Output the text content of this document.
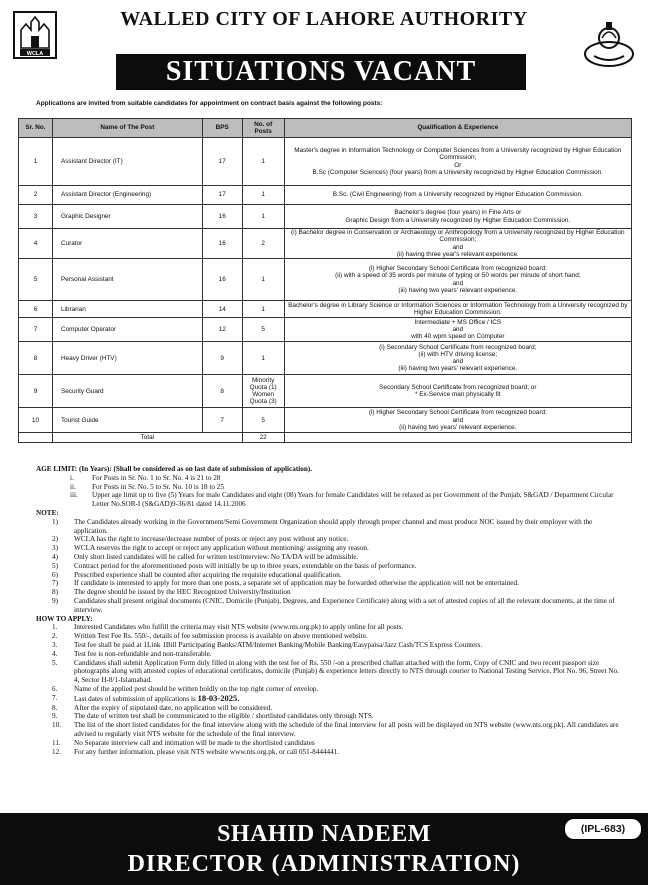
WCLA
WALLED CITY OF LAHORE AUTHORITY
SITUATIONS VACANT
Applications are invited from suitable candidates for appointment on contract basis against the following posts:
Sr. No.	Name of The Post	BPS	No. of Posts	Qualification & Experience
1	Assistant Director (IT)	17	1	Master's degree in Information Technology or Computer Sciences from a University recognized by Higher Education Commission;
Or
B.Sc (Computer Sciences) (four years) from a University recognized by Higher Education Commission.
2	Assistant Director (Engineering)	17	1	B.Sc. (Civil Engineering) from a University recognized by Higher Education Commission.
3	Graphic Designer	16	1	Bachelor's degree (four years) in Fine Arts or
Graphic Design from a University recognized by Higher Education Commission.
4	Curator	16	2	(i) Bachelor degree in Conservation or Archaeology or Anthropology from a University recognized by Higher Education Commission;
and
(ii) having three year's relevant experience.
5	Personal Assistant	16	1	(i) Higher Secondary School Certificate from recognized board;
(ii) with a speed of 35 words per minute of typing or 50 words per minute of short hand;
and
(iii) having two years' relevant experience.
6	Librarian	14	1	Bachelor's degree in Library Science or Information Sciences or Information Technology from a University recognized by Higher Education Commission.
7	Computer Operator	12	5	Intermediate + MS Office / ICS
and
with 40 wpm speed on Computer
8	Heavy Driver (HTV)	9	1	(i) Secondary School Certificate from recognized board;
(ii) with HTV driving license;
and
(iii) having two years' relevant experience.
9	Security Guard	8	Minority Quota (1)
Women Quota (3)	Secondary School Certificate from recognized board; or
* Ex-Service man physically fit
10	Tourist Guide	7	5	(i) Higher Secondary School Certificate from recognized board;
and
(ii) having two years' relevant experience.
	Total		22	
AGE LIMIT: (In Years): (Shall be considered as on last date of submission of application).
i.	For Posts in Sr. No. 1 to Sr. No. 4 is 21 to 28
ii.	For Posts in Sr. No. 5 to Sr. No. 10 is 18 to 25
iii.	Upper age limit up to five (5) Years for male Candidates and eight (08) Years for female Candidates will be relaxed as per Government of the Punjab, S&GAD / Department Circular Letter No.SOR-I (S&GAD)9-36/81 dated 14.11.2006
NOTE:
1)	The Candidates already working in the Government/Semi Government Organization should apply through proper channel and must produce NOC issued by their employer with the application.
2)	WCLA has the right to increase/decrease number of posts or reject any post without any notice.
3)	WCLA reserves the right to accept or reject any application without mentioning/ assigning any reason.
4)	Only short listed candidates will be called for written test/interview. No TA/DA will be admissible.
5)	Contract period for the aforementioned posts will initially be up to three years, extendable on the basis of performance.
6)	Prescribed experience shall be counted after acquiring the requisite educational qualification.
7)	If candidate is interested to apply for more than one posts, a separate set of application may be forwarded otherwise the application will not be entertained.
8)	The degree should be issued by the HEC Recognized University/Institution
9)	Candidates shall present original documents (CNIC, Domicile (Punjab), Degrees, and Experience Certificate) along with a set of attested copies of all the relevant documents, at the time of interview.
HOW TO APPLY:
1.	Interested Candidates who fulfill the criteria may visit NTS website (www.nts.org.pk) to apply online for all posts.
2.	Written Test Fee Rs. 550/-, details of fee submission process is available on above mentioned website.
3.	Test fee shall be paid at 1Link 1Bill Participating Banks/ATM/Internet Banking/Mobile Banking/Easypaisa/Jazz Cash/TCS Express Counters.
4.	Test fee is non-refundable and non-transferable.
5.	Candidates shall submit Application Form duly filled in along with the test fee of Rs. 550 /-on a prescribed challan attached with the form, Copy of CNIC and two recent passport size photographs along with attested copies of educational certificates, domicile (Punjab) & experience letters directly to NTS through courier to National Testing Service, Plot No. 96, Street No. 4, Sector H-8/1-Islamabad.
6.	Name of the applied post should be written boldly on the top right corner of envelop.
7.	Last dates of submission of applications is 18-03-2025.
8.	After the expiry of stipulated date, no application will be considered.
9.	The date of written test shall be communicated to the eligible / shortlisted candidates only through NTS.
10.	The list of the short listed candidates for the final interview along with the schedule of the final interview for all posts will be displayed on NTS website (www.nts.org.pk). All candidates are advised to regularly visit NTS website for the schedule of the final interview.
11.	No Separate interview call and intimation will be made to the shortlisted candidates
12.	For any further information, please visit NTS website www.nts.org.pk, or call 051-8444441.
SHAHID NADEEM
DIRECTOR (ADMINISTRATION)
(IPL-683)
